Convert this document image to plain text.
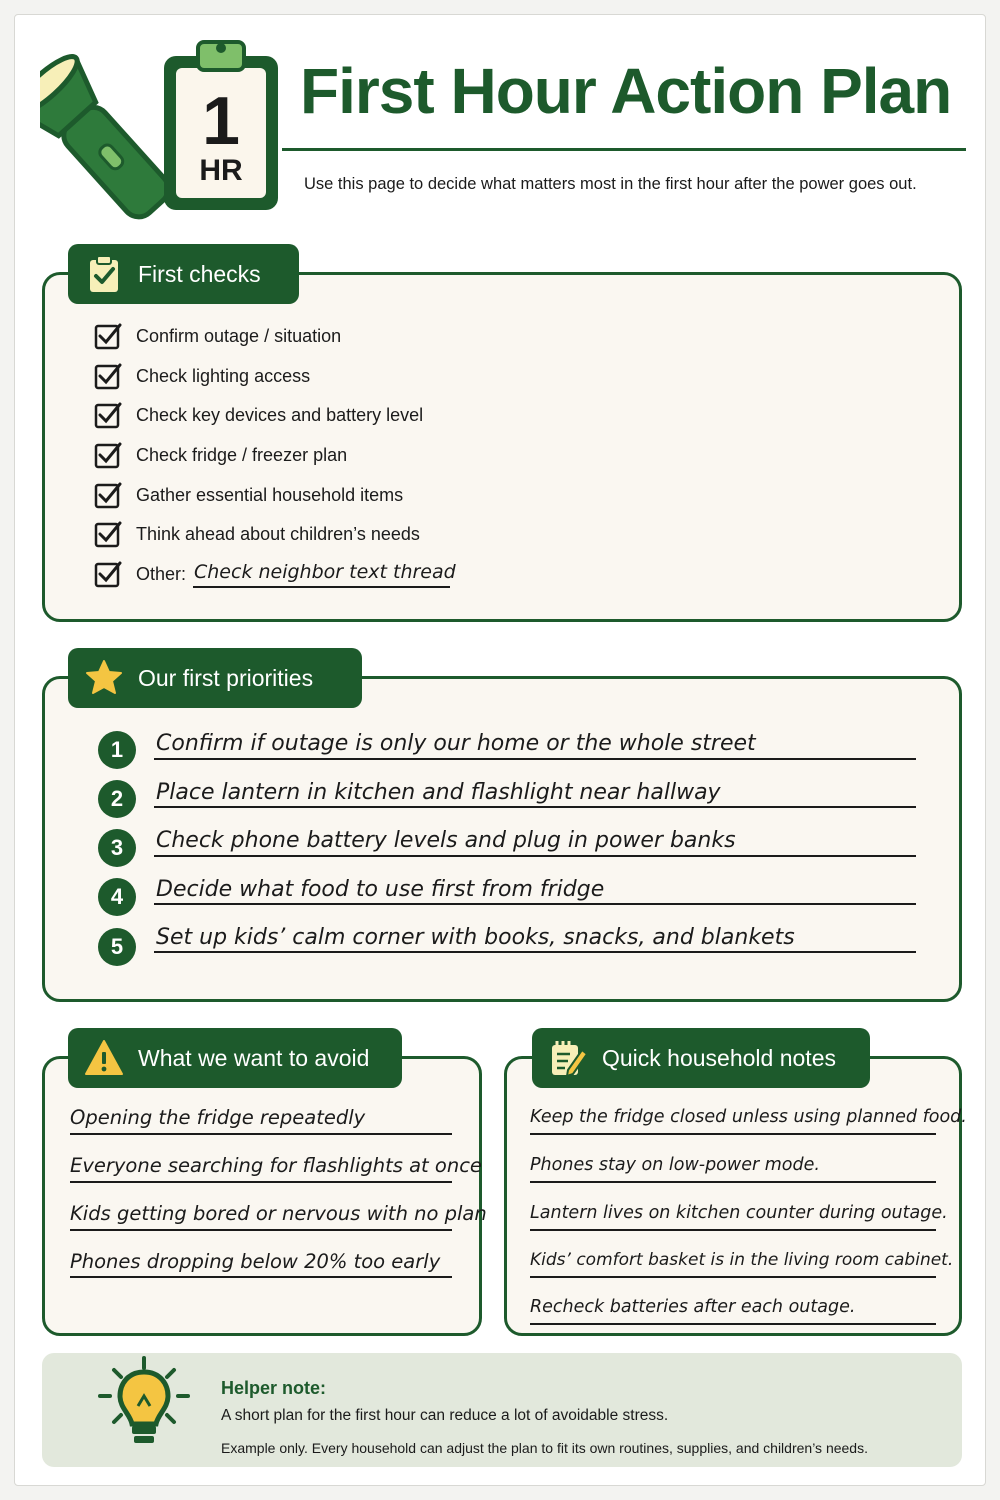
1
HR
First Hour Action Plan
Use this page to decide what matters most in the first hour after the power goes out.
First checks
Confirm outage / situation
Check lighting access
Check key devices and battery level
Check fridge / freezer plan
Gather essential household items
Think ahead about children’s needs
Other: Check neighbor text thread
Our first priorities
1	Confirm if outage is only our home or the whole street
2	Place lantern in kitchen and flashlight near hallway
3	Check phone battery levels and plug in power banks
4	Decide what food to use first from fridge
5	Set up kids’ calm corner with books, snacks, and blankets
What we want to avoid
Opening the fridge repeatedly
Everyone searching for flashlights at once
Kids getting bored or nervous with no plan
Phones dropping below 20% too early
Quick household notes
Keep the fridge closed unless using planned food.
Phones stay on low-power mode.
Lantern lives on kitchen counter during outage.
Kids’ comfort basket is in the living room cabinet.
Recheck batteries after each outage.
Helper note:
A short plan for the first hour can reduce a lot of avoidable stress.
Example only. Every household can adjust the plan to fit its own routines, supplies, and children’s needs.
